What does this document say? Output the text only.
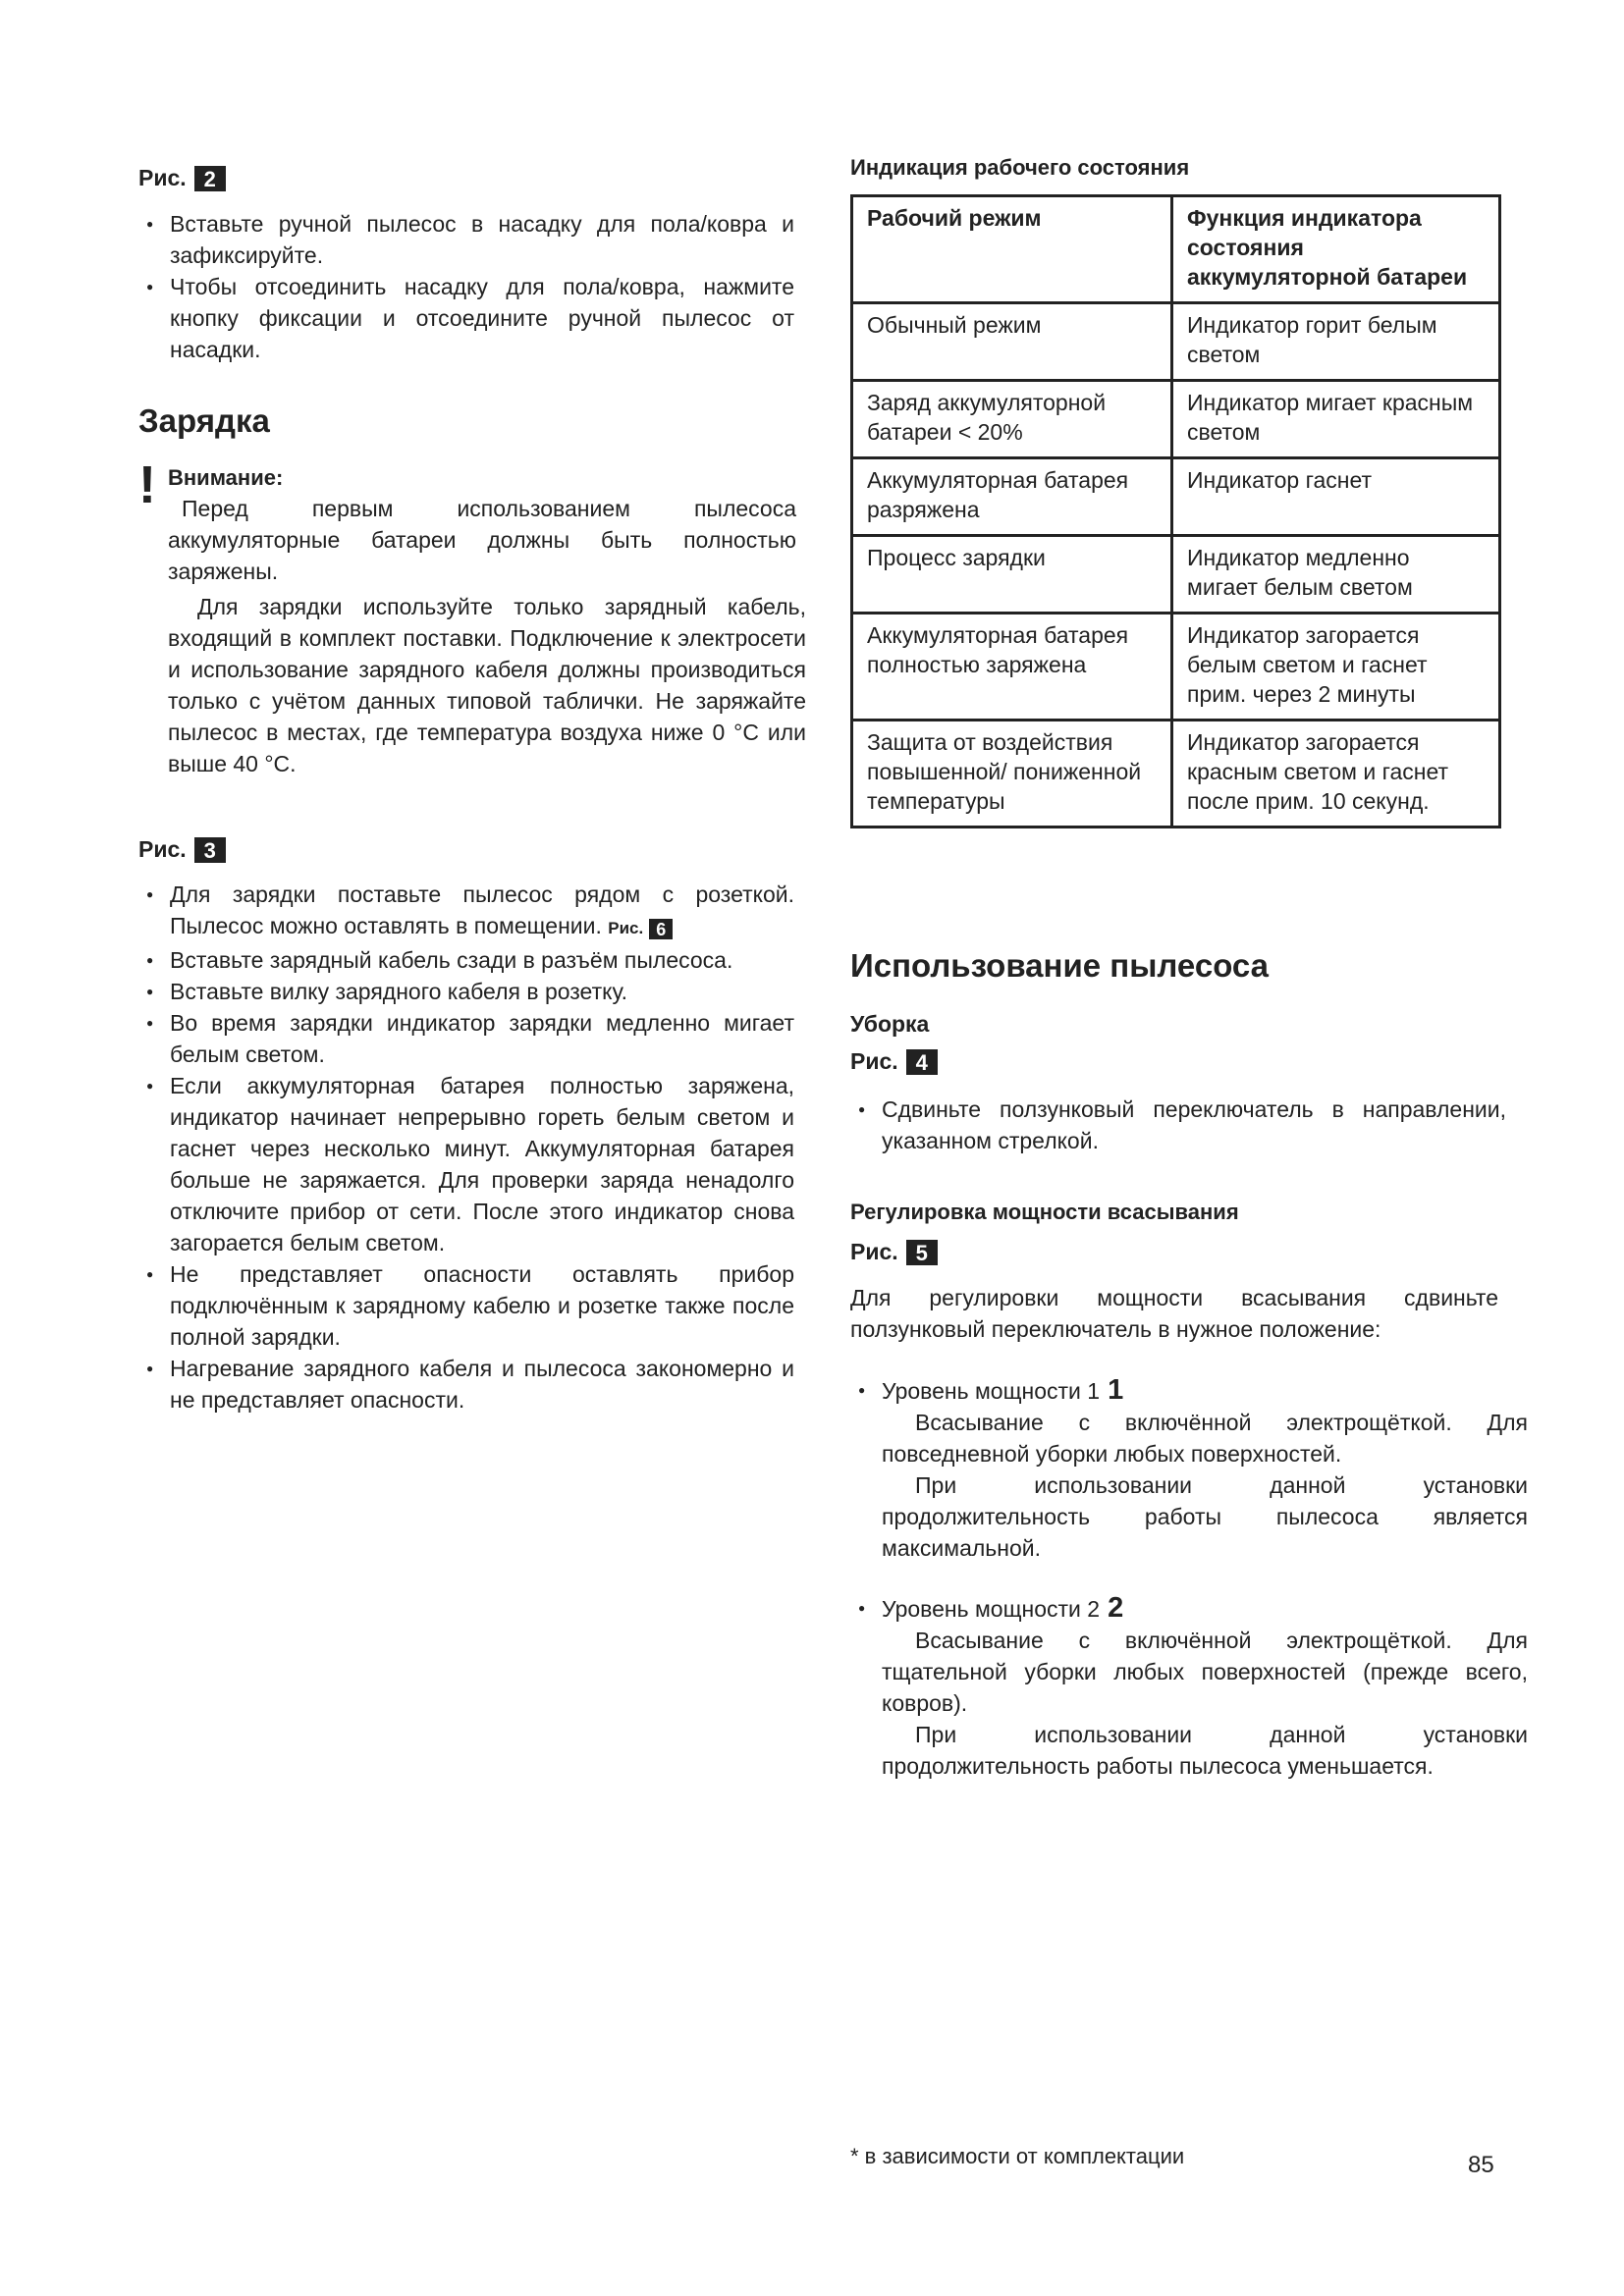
Рис. 2

● Вставьте ручной пылесос в насадку для пола/ковра и зафиксируйте.

● Чтобы отсоединить насадку для пола/ковра, нажмите кнопку фиксации и отсоедините ручной пылесос от насадки.

Зарядка
! Внимание:

Перед первым использованием пылесоса аккумуляторные батареи должны быть полностью заряжены.

Для зарядки используйте только зарядный кабель, входящий в комплект поставки. Подключение к электросети и использование зарядного кабеля должны производиться только с учётом данных типовой таблички. Не заряжайте пылесос в местах, где температура воздуха ниже 0 °C или выше 40 °C.

Рис. 3

● Для зарядки поставьте пылесос рядом с розеткой. Пылесос можно оставлять в помещении. Рис. 6

● Вставьте зарядный кабель сзади в разъём пылесоса.

● Вставьте вилку зарядного кабеля в розетку.

● Во время зарядки индикатор зарядки медленно мигает белым светом.

● Если аккумуляторная батарея полностью заряжена, индикатор начинает непрерывно гореть белым светом и гаснет через несколько минут. Аккумуляторная батарея больше не заряжается. Для проверки заряда ненадолго отключите прибор от сети. После этого индикатор снова загорается белым светом.

● Не представляет опасности оставлять прибор подключённым к зарядному кабелю и розетке также после полной зарядки.

● Нагревание зарядного кабеля и пылесоса закономерно и не представляет опасности.

Индикация рабочего состояния
Рабочий режим	Функция индикатора состояния аккумуляторной батареи
Обычный режим	Индикатор горит белым светом
Заряд аккумуляторной батареи < 20%	Индикатор мигает красным светом
Аккумуляторная батарея разряжена	Индикатор гаснет
Процесс зарядки	Индикатор медленно мигает белым светом
Аккумуляторная батарея полностью заряжена	Индикатор загорается белым светом и гаснет прим. через 2 минуты
Защита от воздействия повышенной/ пониженной температуры	Индикатор загорается красным светом и гаснет после прим. 10 секунд.
Использование пылесоса
Уборка
Рис. 4

● Сдвиньте ползунковый переключатель в направлении, указанном стрелкой.

Регулировка мощности всасывания
Рис. 5

Для регулировки мощности всасывания сдвиньте ползунковый переключатель в нужное положение:

● Уровень мощности 1 1

Всасывание с включённой электрощёткой. Для повседневной уборки любых поверхностей.

При использовании данной установки продолжительность работы пылесоса является максимальной.

● Уровень мощности 2 2

Всасывание с включённой электрощёткой. Для тщательной уборки любых поверхностей (прежде всего, ковров).

При использовании данной установки продолжительность работы пылесоса уменьшается.

* в зависимости от комплектации	85
